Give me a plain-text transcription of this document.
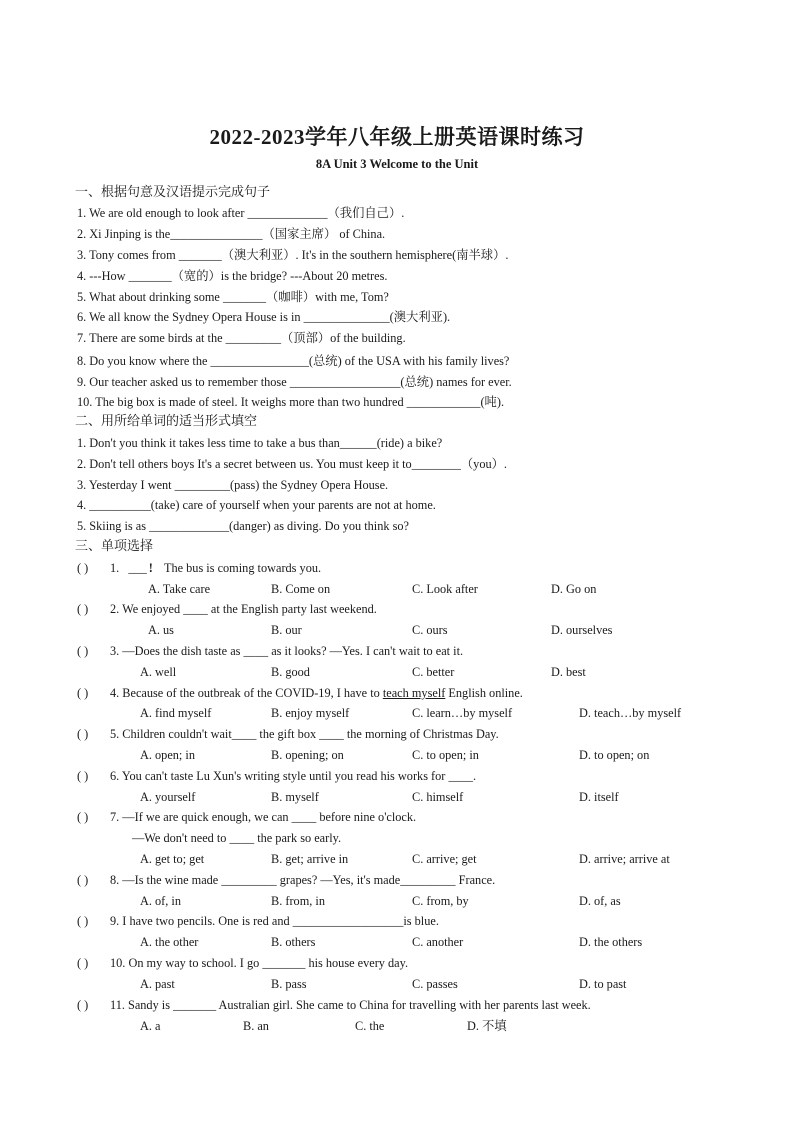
2022-2023学年八年级上册英语课时练习
8A Unit 3 Welcome to the Unit
一、根据句意及汉语提示完成句子
1. We are old enough to look after _____________（我们自己）.
2. Xi Jinping is the_______________（国家主席） of China.
3. Tony comes from _______（澳大利亚）. It's in the southern hemisphere(南半球）.
4. ---How _______（宽的）is the bridge? ---About 20 metres.
5. What about drinking some _______（咖啡）with me, Tom?
6. We all know the Sydney Opera House is in ______________(澳大利亚).
7. There are some birds at the _________（顶部）of the building.
8. Do you know where the ________________(总统) of the USA with his family lives?
9. Our teacher asked us to remember those __________________(总统) names for ever.
10. The big box is made of steel. It weighs more than two hundred ____________(吨).
二、用所给单词的适当形式填空
1. Don't you think it takes less time to take a bus than______(ride) a bike?
2. Don't tell others boys It's a secret between us. You must keep it to________（you）.
3. Yesterday I went _________(pass) the Sydney Opera House.
4. __________(take) care of yourself when your parents are not at home.
5. Skiing is as _____________(danger) as diving. Do you think so?
三、单项选择
( ) 1. ___ ! The bus is coming towards you.
A. Take care	B. Come on	C. Look after	D. Go on
( ) 2. We enjoyed ____ at the English party last weekend.
A. us	B. our	C. ours	D. ourselves
( ) 3. —Does the dish taste as ____ as it looks? —Yes. I can't wait to eat it.
A. well	B. good	C. better	D. best
( ) 4. Because of the outbreak of the COVID-19, I have to teach myself English online.
A. find myself	B. enjoy myself	C. learn…by myself	D. teach…by myself
( ) 5. Children couldn't wait____ the gift box ____ the morning of Christmas Day.
A. open; in	B. opening; on	C. to open; in	D. to open; on
( ) 6. You can't taste Lu Xun's writing style until you read his works for ____.
A. yourself	B. myself	C. himself	D. itself
( ) 7. —If we are quick enough, we can ____ before nine o'clock.
—We don't need to ____ the park so early.
A. get to; get	B. get; arrive in	C. arrive; get	D. arrive; arrive at
( ) 8. —Is the wine made _________ grapes? —Yes, it's made_________ France.
A. of, in	B. from, in	C. from, by	D. of, as
( ) 9. I have two pencils. One is red and __________________is blue.
A. the other	B. others	C. another	D. the others
( ) 10. On my way to school. I go _______ his house every day.
A. past	B. pass	C. passes	D. to past
( ) 11. Sandy is _______ Australian girl. She came to China for travelling with her parents last week.
A. a	B. an	C. the	D. 不填
